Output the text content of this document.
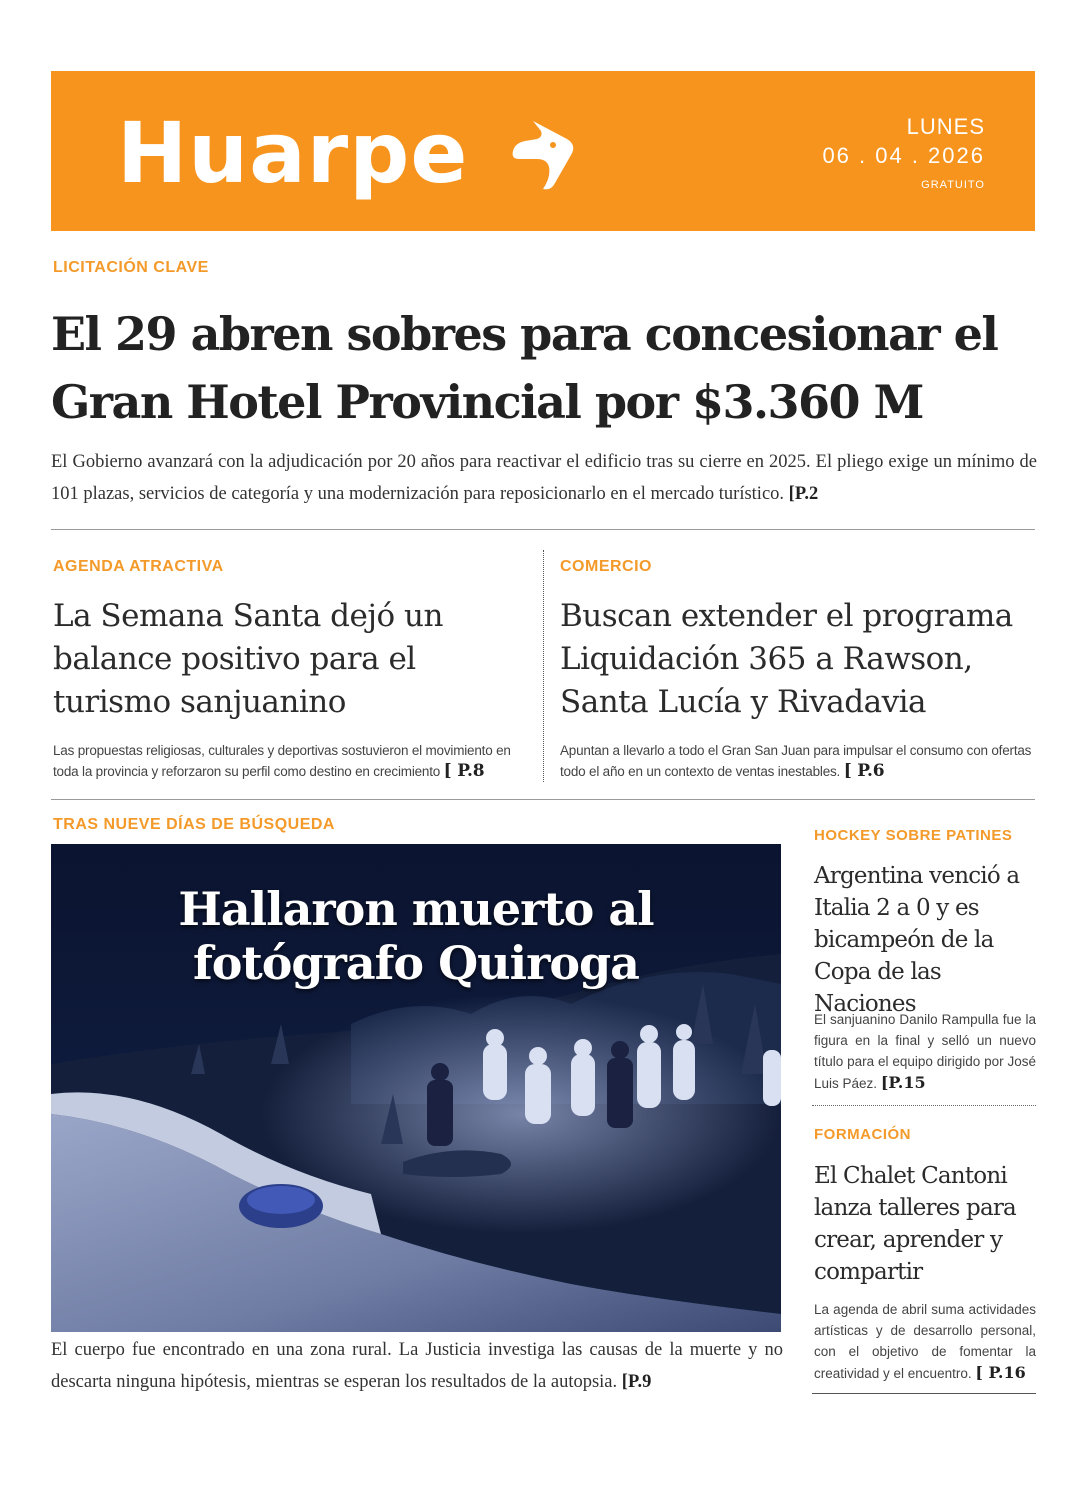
Huarpe	LUNES
06 . 04 . 2026
GRATUITO
LICITACIÓN CLAVE
El 29 abren sobres para concesionar el
Gran Hotel Provincial por $3.360 M
El Gobierno avanzará con la adjudicación por 20 años para reactivar el edificio tras su cierre en 2025. El pliego exige un mínimo de 101 plazas, servicios de categoría y una modernización para reposicionarlo en el mercado turístico. [P.2
AGENDA ATRACTIVA
La Semana Santa dejó un balance positivo para el turismo sanjuanino
Las propuestas religiosas, culturales y deportivas sostuvieron el movimiento en toda la provincia y reforzaron su perfil como destino en crecimiento [ P.8
COMERCIO
Buscan extender el programa Liquidación 365 a Rawson, Santa Lucía y Rivadavia
Apuntan a llevarlo a todo el Gran San Juan para impulsar el consumo con ofertas todo el año en un contexto de ventas inestables. [ P.6
TRAS NUEVE DÍAS DE BÚSQUEDA
Hallaron muerto al
fotógrafo Quiroga
El cuerpo fue encontrado en una zona rural. La Justicia investiga las causas de la muerte y no descarta ninguna hipótesis, mientras se esperan los resultados de la autopsia. [P.9
HOCKEY SOBRE PATINES
Argentina venció a Italia 2 a 0 y es bicampeón de la Copa de las Naciones
El sanjuanino Danilo Rampulla fue la figura en la final y selló un nuevo título para el equipo dirigido por José Luis Páez. [P.15
FORMACIÓN
El Chalet Cantoni lanza talleres para crear, aprender y compartir
La agenda de abril suma actividades artísticas y de desarrollo personal, con el objetivo de fomentar la creatividad y el encuentro. [ P.16
